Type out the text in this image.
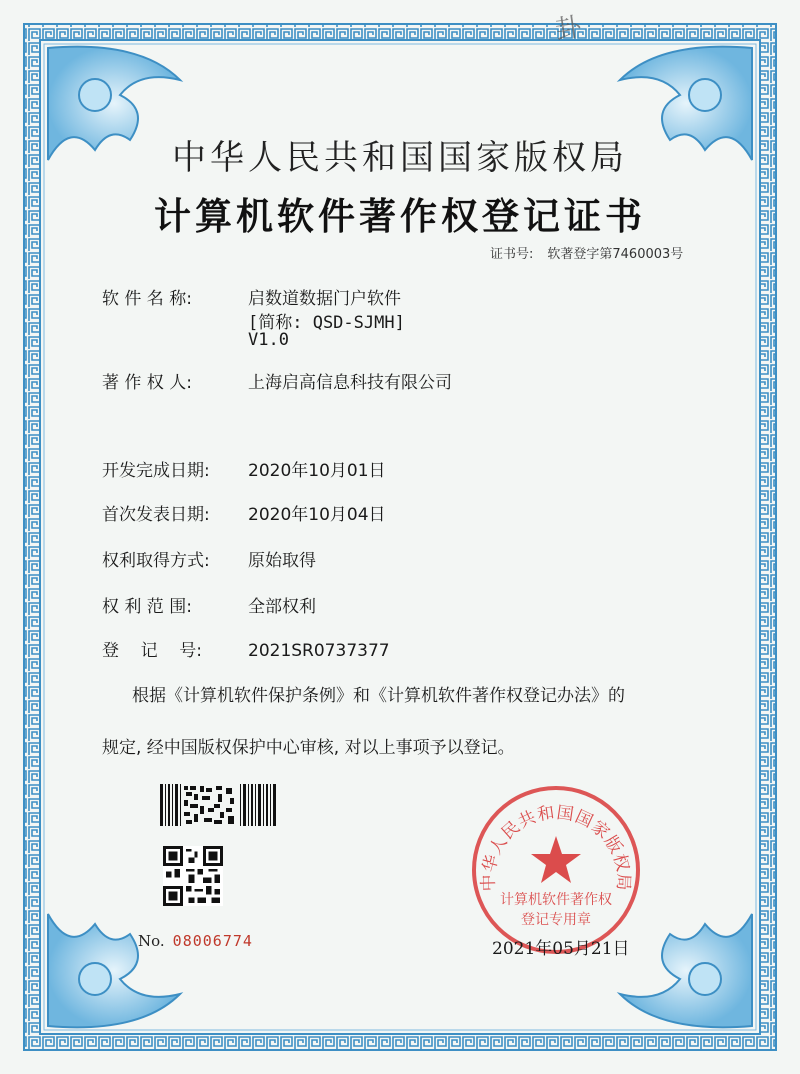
卦
中华人民共和国国家版权局
计算机软件著作权登记证书
证书号: 软著登字第7460003号
软 件 名 称:	启数道数据门户软件
[简称: QSD-SJMH]
V1.0
著 作 权 人:	上海启高信息科技有限公司
开发完成日期: 2020年10月01日
首次发表日期: 2020年10月04日
权利取得方式: 原始取得
权 利 范 围:	全部权利
登    记    号:	2021SR0737377
根据《计算机软件保护条例》和《计算机软件著作权登记办法》的
规定, 经中国版权保护中心审核, 对以上事项予以登记。
No. 08006774
中华人民共和国国家版权局
计算机软件著作权
登记专用章
2021年05月21日
